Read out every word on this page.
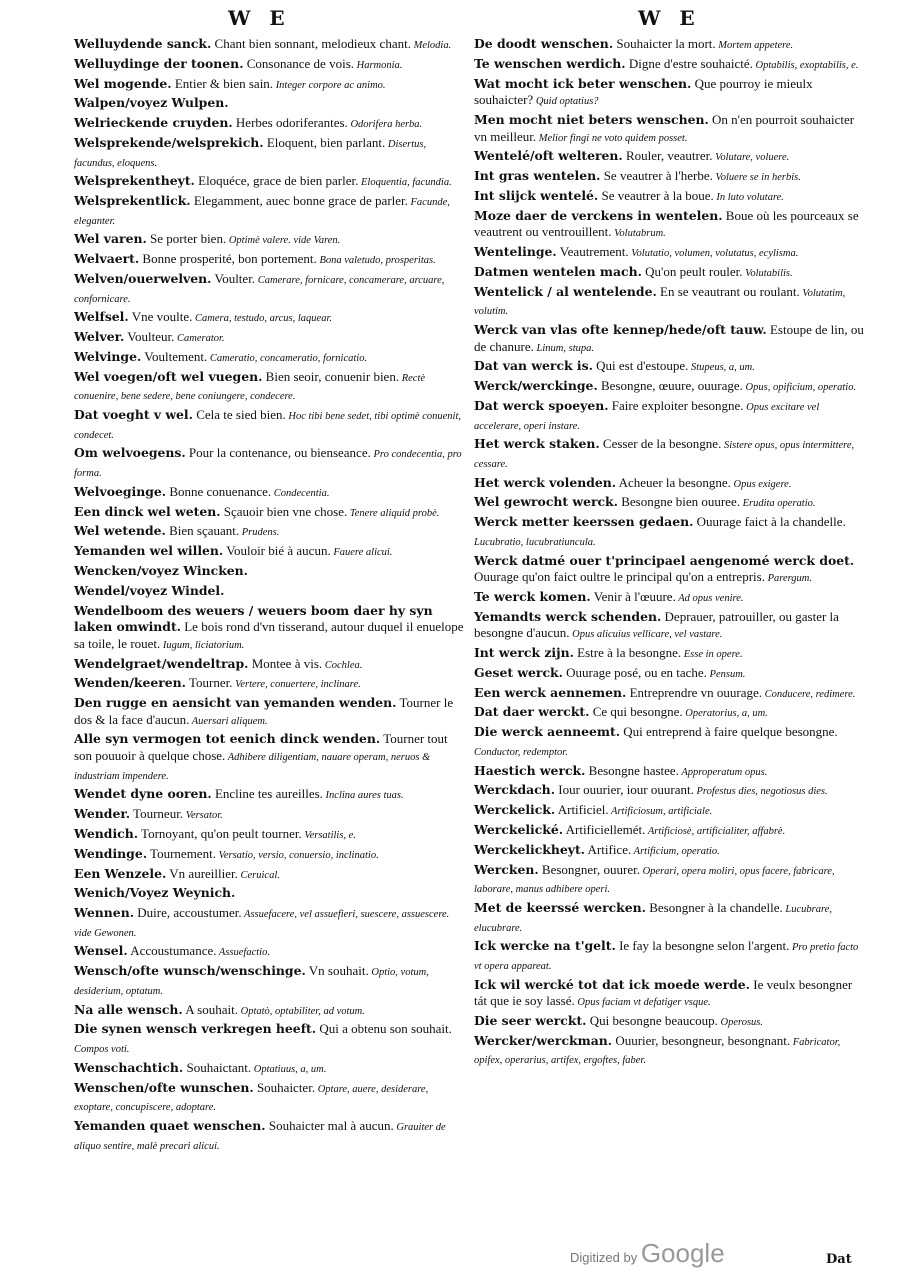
W E	W E
Welluydende sanck. Chant bien sonnant, melodieux chant. Melodia.
Welluydinge der toonen. Consonance de vois. Harmonia.
Wel mogende. Entier & bien sain. Integer corpore ac animo.
Walpen/voyez Wulpen.
Welrieckende cruyden. Herbes odoriferantes. Odorifera herba.
Welsprekende/welsprekich. Eloquent, bien parlant. Disertus, facundus, eloquens.
Welsprekentheyt. Eloquéce, grace de bien parler. Eloquentia, facundia.
Welsprekentlick. Elegamment, auec bonne grace de parler. Facunde, eleganter.
Wel varen. Se porter bien. Optimè valere. vide Varen.
Welvaert. Bonne prosperité, bon portement. Bona valetudo, prosperitas.
Welven/ouerwelven. Voulter. Camerare, fornicare, concamerare, arcuare, confornicare.
Welfsel. Vne voulte. Camera, testudo, arcus, laquear.
Welver. Voulteur. Camerator.
Welvinge. Voultement. Cameratio, concameratio, fornicatio.
Wel voegen/oft wel vuegen. Bien seoir, conuenir bien. Rectè conuenire, bene sedere, bene coniungere, condecere.
Dat voeght v wel. Cela te sied bien. Hoc tibi bene sedet, tibi optimè conuenit, condecet.
Om welvoegens. Pour la contenance, ou bienseance. Pro condecentia, pro forma.
Welvoeginge. Bonne conuenance. Condecentia.
Een dinck wel weten. Sçauoir bien vne chose. Tenere aliquid probè.
Wel wetende. Bien sçauant. Prudens.
Yemanden wel willen. Vouloir bié à aucun. Fauere alicui.
Wencken/voyez Wincken.
Wendel/voyez Windel.
Wendelboom des weuers / weuers boom daer hy syn laken omwindt. Le bois rond d'vn tisserand, autour duquel il enuelope sa toile, le rouet. Iugum, liciatorium.
Wendelgraet/wendeltrap. Montee à vis. Cochlea.
Wenden/keeren. Tourner. Vertere, conuertere, inclinare.
Den rugge en aensicht van yemanden wenden. Tourner le dos & la face d'aucun. Auersari aliquem.
Alle syn vermogen tot eenich dinck wenden. Tourner tout son pouuoir à quelque chose. Adhibere diligentiam, nauare operam, neruos & industriam impendere.
Wendet dyne ooren. Encline tes aureilles. Inclina aures tuas.
Wender. Tourneur. Versator.
Wendich. Tornoyant, qu'on peult tourner. Versatilis, e.
Wendinge. Tournement. Versatio, versio, conuersio, inclinatio.
Een Wenzele. Vn aureillier. Ceruical.
Wenich/Voyez Weynich.
Wennen. Duire, accoustumer. Assuefacere, vel assuefieri, suescere, assuescere. vide Gewonen.
Wensel. Accoustumance. Assuefactio.
Wensch/ofte wunsch/wenschinge. Vn souhait. Optio, votum, desiderium, optatum.
Na alle wensch. A souhait. Optatò, optabiliter, ad votum.
Die synen wensch verkregen heeft. Qui a obtenu son souhait. Compos voti.
Wenschachtich. Souhaictant. Optatiuus, a, um.
Wenschen/ofte wunschen. Souhaicter. Optare, auere, desiderare, exoptare, concupiscere, adoptare.
Yemanden quaet wenschen. Souhaicter mal à aucun. Grauiter de aliquo sentire, malè precari alicui.
De doodt wenschen. Souhaicter la mort. Mortem appetere.
Te wenschen werdich. Digne d'estre souhaicté. Optabilis, exoptabilis, e.
Wat mocht ick beter wenschen. Que pourroy ie mieulx souhaicter? Quid optatius?
Men mocht niet beters wenschen. On n'en pourroit souhaicter vn meilleur. Melior fingi ne voto quidem posset.
Wentelé/oft welteren. Rouler, veautrer. Volutare, voluere.
Int gras wentelen. Se veautrer à l'herbe. Voluere se in herbis.
Int slijck wentelé. Se veautrer à la boue. In luto volutare.
Moze daer de verckens in wentelen. Boue où les pourceaux se veautrent ou ventrouillent. Volutabrum.
Wentelinge. Veautrement. Volutatio, volumen, volutatus, ecylisma.
Datmen wentelen mach. Qu'on peult rouler. Volutabilis.
Wentelick / al wentelende. En se veautrant ou roulant. Volutatim, volutim.
Werck van vlas ofte kennep/hede/oft tauw. Estoupe de lin, ou de chanure. Linum, stupa.
Dat van werck is. Qui est d'estoupe. Stupeus, a, um.
Werck/werckinge. Besongne, œuure, ouurage. Opus, opificium, operatio.
Dat werck spoeyen. Faire exploiter besongne. Opus excitare vel accelerare, operi instare.
Het werck staken. Cesser de la besongne. Sistere opus, opus intermittere, cessare.
Het werck volenden. Acheuer la besongne. Opus exigere.
Wel gewrocht werck. Besongne bien ouuree. Erudita operatio.
Werck metter keerssen gedaen. Ouurage faict à la chandelle. Lucubratio, lucubratiuncula.
Werck datmé ouer t'principael aengenomé werck doet. Ouurage qu'on faict oultre le principal qu'on a entrepris. Parergum.
Te werck komen. Venir à l'œuure. Ad opus venire.
Yemandts werck schenden. Deprauer, patrouiller, ou gaster la besongne d'aucun. Opus alicuius vellicare, vel vastare.
Int werck zijn. Estre à la besongne. Esse in opere.
Geset werck. Ouurage posé, ou en tache. Pensum.
Een werck aennemen. Entreprendre vn ouurage. Conducere, redimere.
Dat daer werckt. Ce qui besongne. Operatorius, a, um.
Die werck aenneemt. Qui entreprend à faire quelque besongne. Conductor, redemptor.
Haestich werck. Besongne hastee. Approperatum opus.
Werckdach. Iour ouurier, iour ouurant. Profestus dies, negotiosus dies.
Werckelick. Artificiel. Artificiosum, artificiale.
Werckelické. Artificiellemét. Artificiosè, artificialiter, affabrè.
Werckelickheyt. Artifice. Artificium, operatio.
Wercken. Besongner, ouurer. Operari, opera moliri, opus facere, fabricare, laborare, manus adhibere operi.
Met de keerssé wercken. Besongner à la chandelle. Lucubrare, elucubrare.
Ick wercke na t'gelt. Ie fay la besongne selon l'argent. Pro pretio facto vt opera appareat.
Ick wil wercké tot dat ick moede werde. Ie veulx besongner tát que ie soy lassé. Opus faciam vt defatiger vsque.
Die seer werckt. Qui besongne beaucoup. Operosus.
Wercker/werckman. Ouurier, besongneur, besongnant. Fabricator, opifex, operarius, artifex, ergoftes, faber.
Digitized by Google	Dat
